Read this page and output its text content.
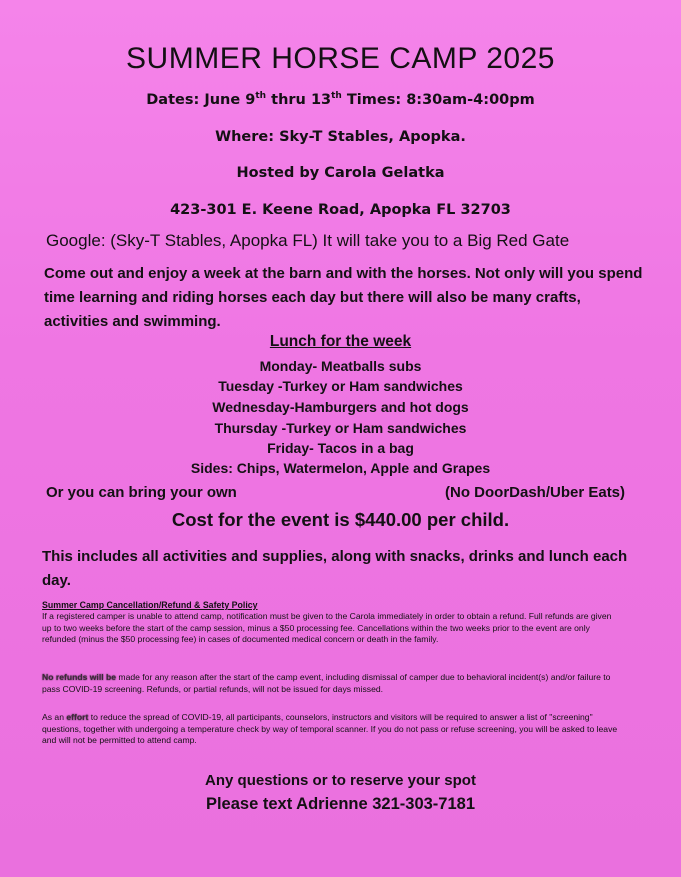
SUMMER HORSE CAMP 2025
Dates: June 9th thru 13th Times: 8:30am-4:00pm
Where: Sky-T Stables, Apopka.
Hosted by Carola Gelatka
423-301 E. Keene Road, Apopka FL 32703
Google: (Sky-T Stables, Apopka FL) It will take you to a Big Red Gate
Come out and enjoy a week at the barn and with the horses. Not only will you spend time learning and riding horses each day but there will also be many crafts, activities and swimming.
Lunch for the week
Monday- Meatballs subs
Tuesday -Turkey or Ham sandwiches
Wednesday-Hamburgers and hot dogs
Thursday -Turkey or Ham sandwiches
Friday- Tacos in a bag
Sides: Chips, Watermelon, Apple and Grapes
Or you can bring your own	(No DoorDash/Uber Eats)
Cost for the event is $440.00 per child.
This includes all activities and supplies, along with snacks, drinks and lunch each day.
Summer Camp Cancellation/Refund & Safety Policy
If a registered camper is unable to attend camp, notification must be given to the Carola immediately in order to obtain a refund. Full refunds are given up to two weeks before the start of the camp session, minus a $50 processing fee. Cancellations within the two weeks prior to the event are only refunded (minus the $50 processing fee) in cases of documented medical concern or death in the family.
No refunds will be made for any reason after the start of the camp event, including dismissal of camper due to behavioral incident(s) and/or failure to pass COVID-19 screening. Refunds, or partial refunds, will not be issued for days missed.
As an effort to reduce the spread of COVID-19, all participants, counselors, instructors and visitors will be required to answer a list of "screening" questions, together with undergoing a temperature check by way of temporal scanner. If you do not pass or refuse screening, you will be asked to leave and will not be permitted to attend camp.
Any questions or to reserve your spot
Please text Adrienne 321-303-7181
